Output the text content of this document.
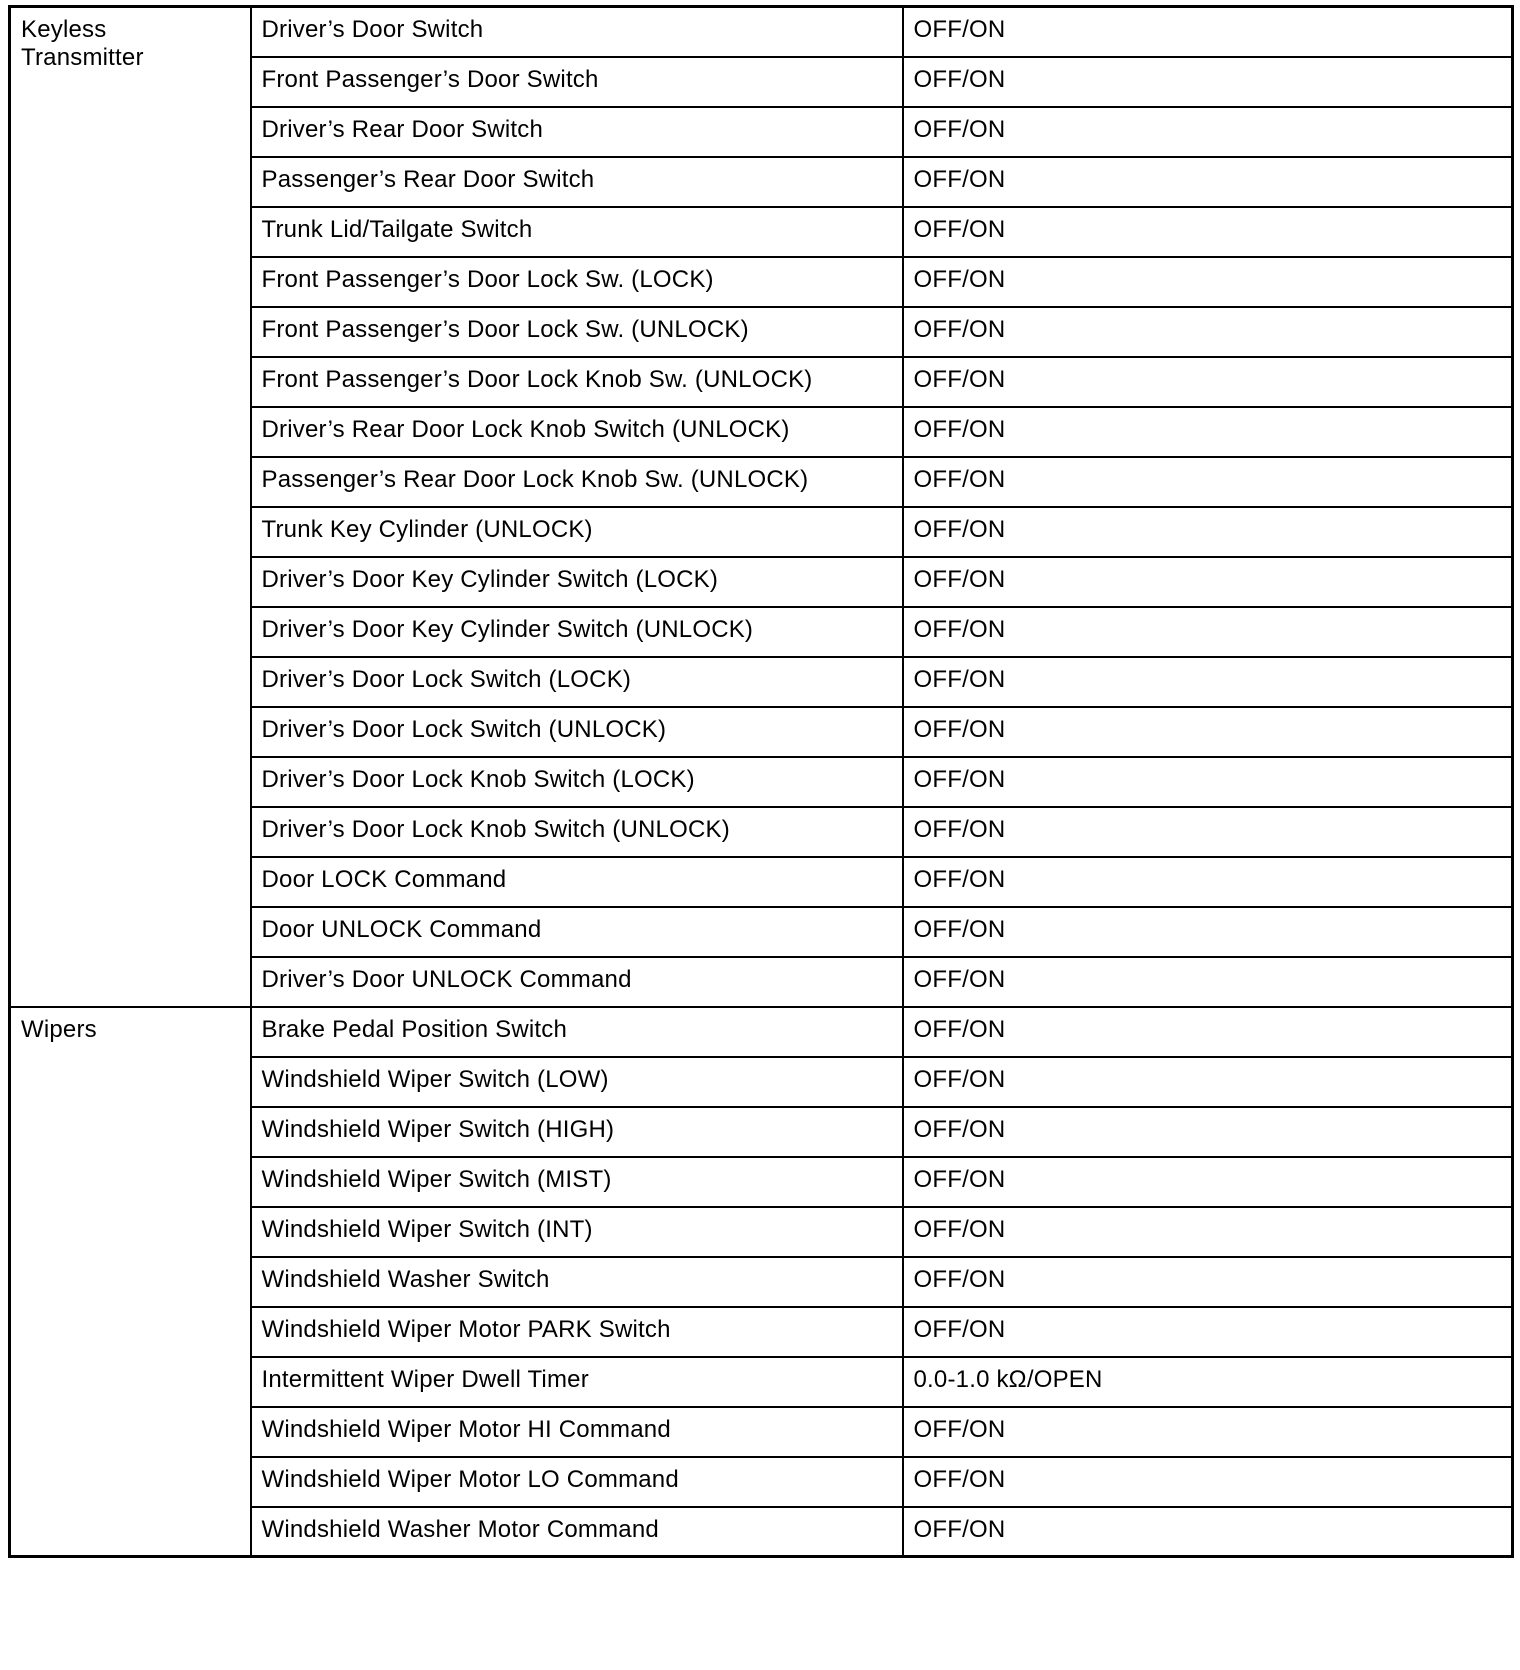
Keyless Transmitter	Driver’s Door Switch	OFF/ON

	Front Passenger’s Door Switch	OFF/ON

	Driver’s Rear Door Switch	OFF/ON

	Passenger’s Rear Door Switch	OFF/ON

	Trunk Lid/Tailgate Switch	OFF/ON

	Front Passenger’s Door Lock Sw. (LOCK)	OFF/ON

	Front Passenger’s Door Lock Sw. (UNLOCK)	OFF/ON

	Front Passenger’s Door Lock Knob Sw. (UNLOCK)	OFF/ON

	Driver’s Rear Door Lock Knob Switch (UNLOCK)	OFF/ON

	Passenger’s Rear Door Lock Knob Sw. (UNLOCK)	OFF/ON

	Trunk Key Cylinder (UNLOCK)	OFF/ON

	Driver’s Door Key Cylinder Switch (LOCK)	OFF/ON

	Driver’s Door Key Cylinder Switch (UNLOCK)	OFF/ON

	Driver’s Door Lock Switch (LOCK)	OFF/ON

	Driver’s Door Lock Switch (UNLOCK)	OFF/ON

	Driver’s Door Lock Knob Switch (LOCK)	OFF/ON

	Driver’s Door Lock Knob Switch (UNLOCK)	OFF/ON

	Door LOCK Command	OFF/ON

	Door UNLOCK Command	OFF/ON

	Driver’s Door UNLOCK Command	OFF/ON

Wipers	Brake Pedal Position Switch	OFF/ON

	Windshield Wiper Switch (LOW)	OFF/ON

	Windshield Wiper Switch (HIGH)	OFF/ON

	Windshield Wiper Switch (MIST)	OFF/ON

	Windshield Wiper Switch (INT)	OFF/ON

	Windshield Washer Switch	OFF/ON

	Windshield Wiper Motor PARK Switch	OFF/ON

	Intermittent Wiper Dwell Timer	0.0-1.0 kΩ/OPEN

	Windshield Wiper Motor HI Command	OFF/ON

	Windshield Wiper Motor LO Command	OFF/ON

	Windshield Washer Motor Command	OFF/ON
